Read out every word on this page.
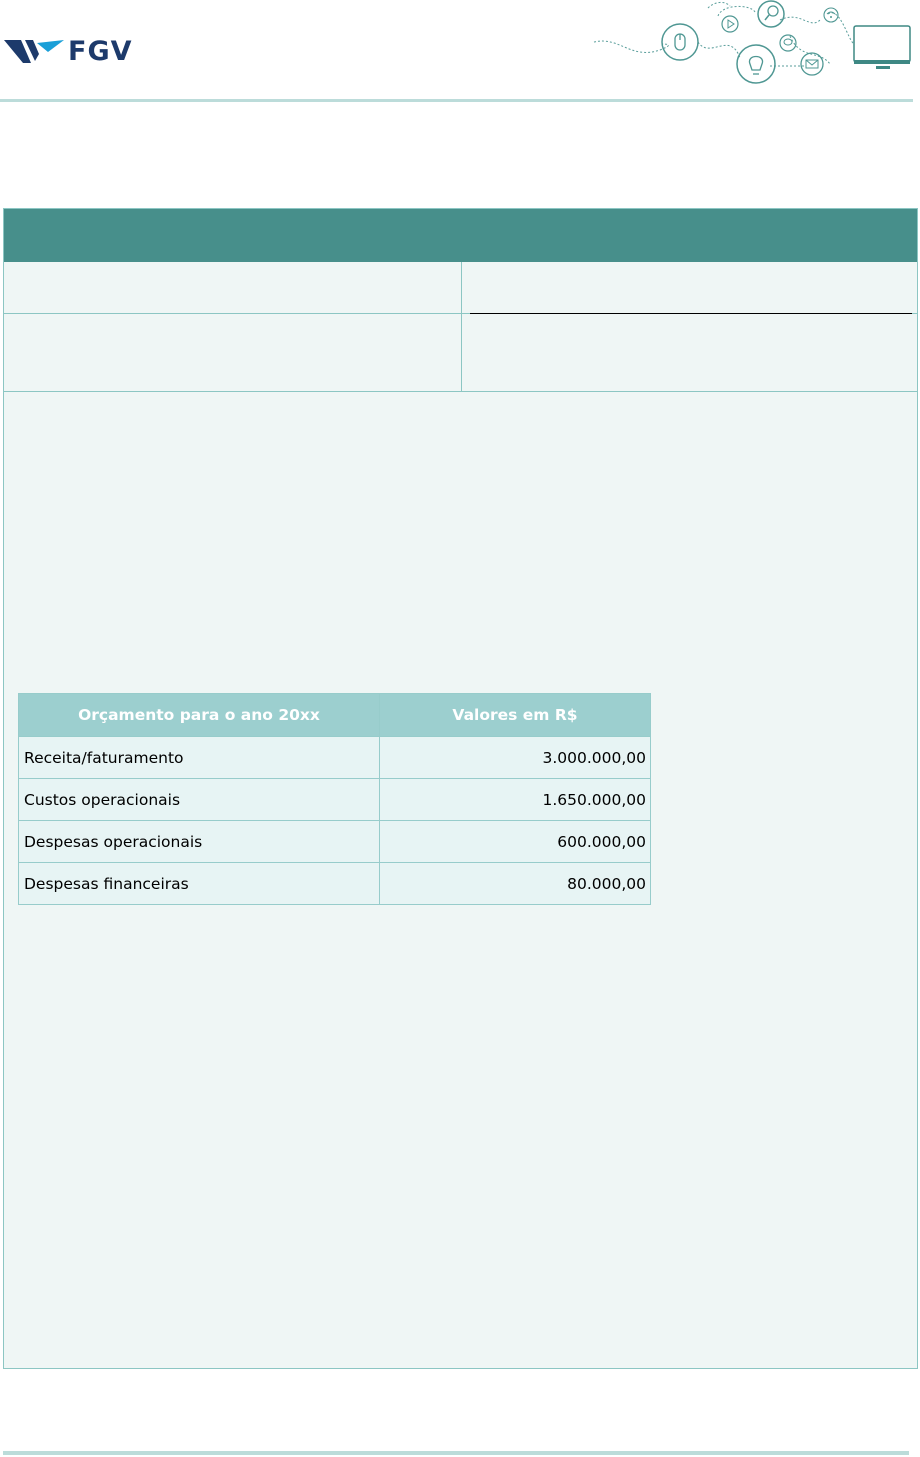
FGV
Orçamento para o ano 20xx	Valores em R$
Receita/faturamento	3.000.000,00
Custos operacionais	1.650.000,00
Despesas operacionais	600.000,00
Despesas financeiras	80.000,00
